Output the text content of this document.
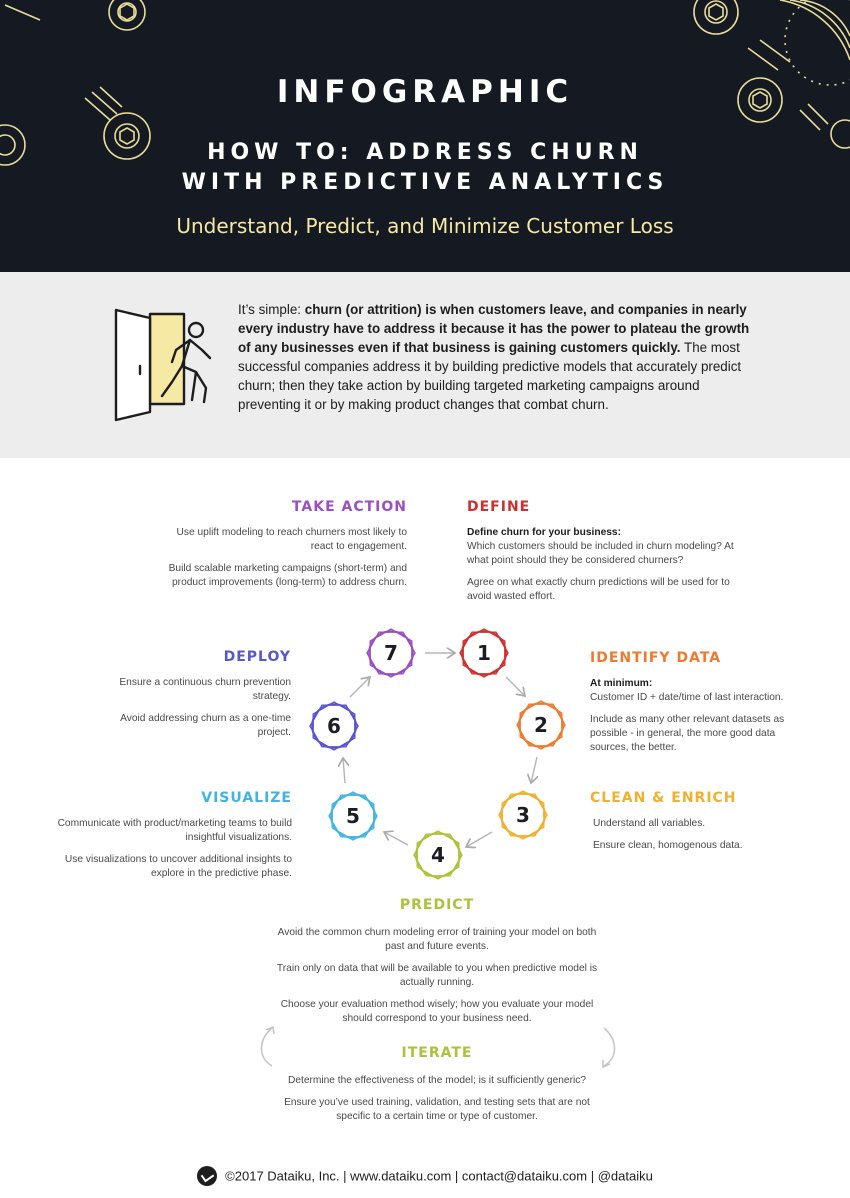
INFOGRAPHIC
HOW TO: ADDRESS CHURN
WITH PREDICTIVE ANALYTICS
Understand, Predict, and Minimize Customer Loss
It’s simple: churn (or attrition) is when customers leave, and companies in nearly every industry have to address it because it has the power to plateau the growth of any businesses even if that business is gaining customers quickly. The most successful companies address it by building predictive models that accurately predict churn; then they take action by building targeted marketing campaigns around preventing it or by making product changes that combat churn.
1
2
3
4
5
6
7
TAKE ACTION

Use uplift modeling to reach churners most likely to react to engagement.

Build scalable marketing campaigns (short-term) and product improvements (long-term) to address churn.

DEFINE

Define churn for your business:

Which customers should be included in churn modeling? At what point should they be considered churners?

Agree on what exactly churn predictions will be used for to avoid wasted effort.

DEPLOY

Ensure a continuous churn prevention strategy.

Avoid addressing churn as a one-time project.

IDENTIFY DATA

At minimum:

Customer ID + date/time of last interaction.

Include as many other relevant datasets as possible - in general, the more good data sources, the better.

VISUALIZE

Communicate with product/marketing teams to build insightful visualizations.

Use visualizations to uncover additional insights to explore in the predictive phase.

CLEAN & ENRICH

Understand all variables.

Ensure clean, homogenous data.

PREDICT

Avoid the common churn modeling error of training your model on both past and future events.

Train only on data that will be available to you when predictive model is actually running.

Choose your evaluation method wisely; how you evaluate your model should correspond to your business need.

ITERATE

Determine the effectiveness of the model; is it sufficiently generic?

Ensure you’ve used training, validation, and testing sets that are not specific to a certain time or type of customer.

©2017 Dataiku, Inc. | www.dataiku.com | contact@dataiku.com | @dataiku
